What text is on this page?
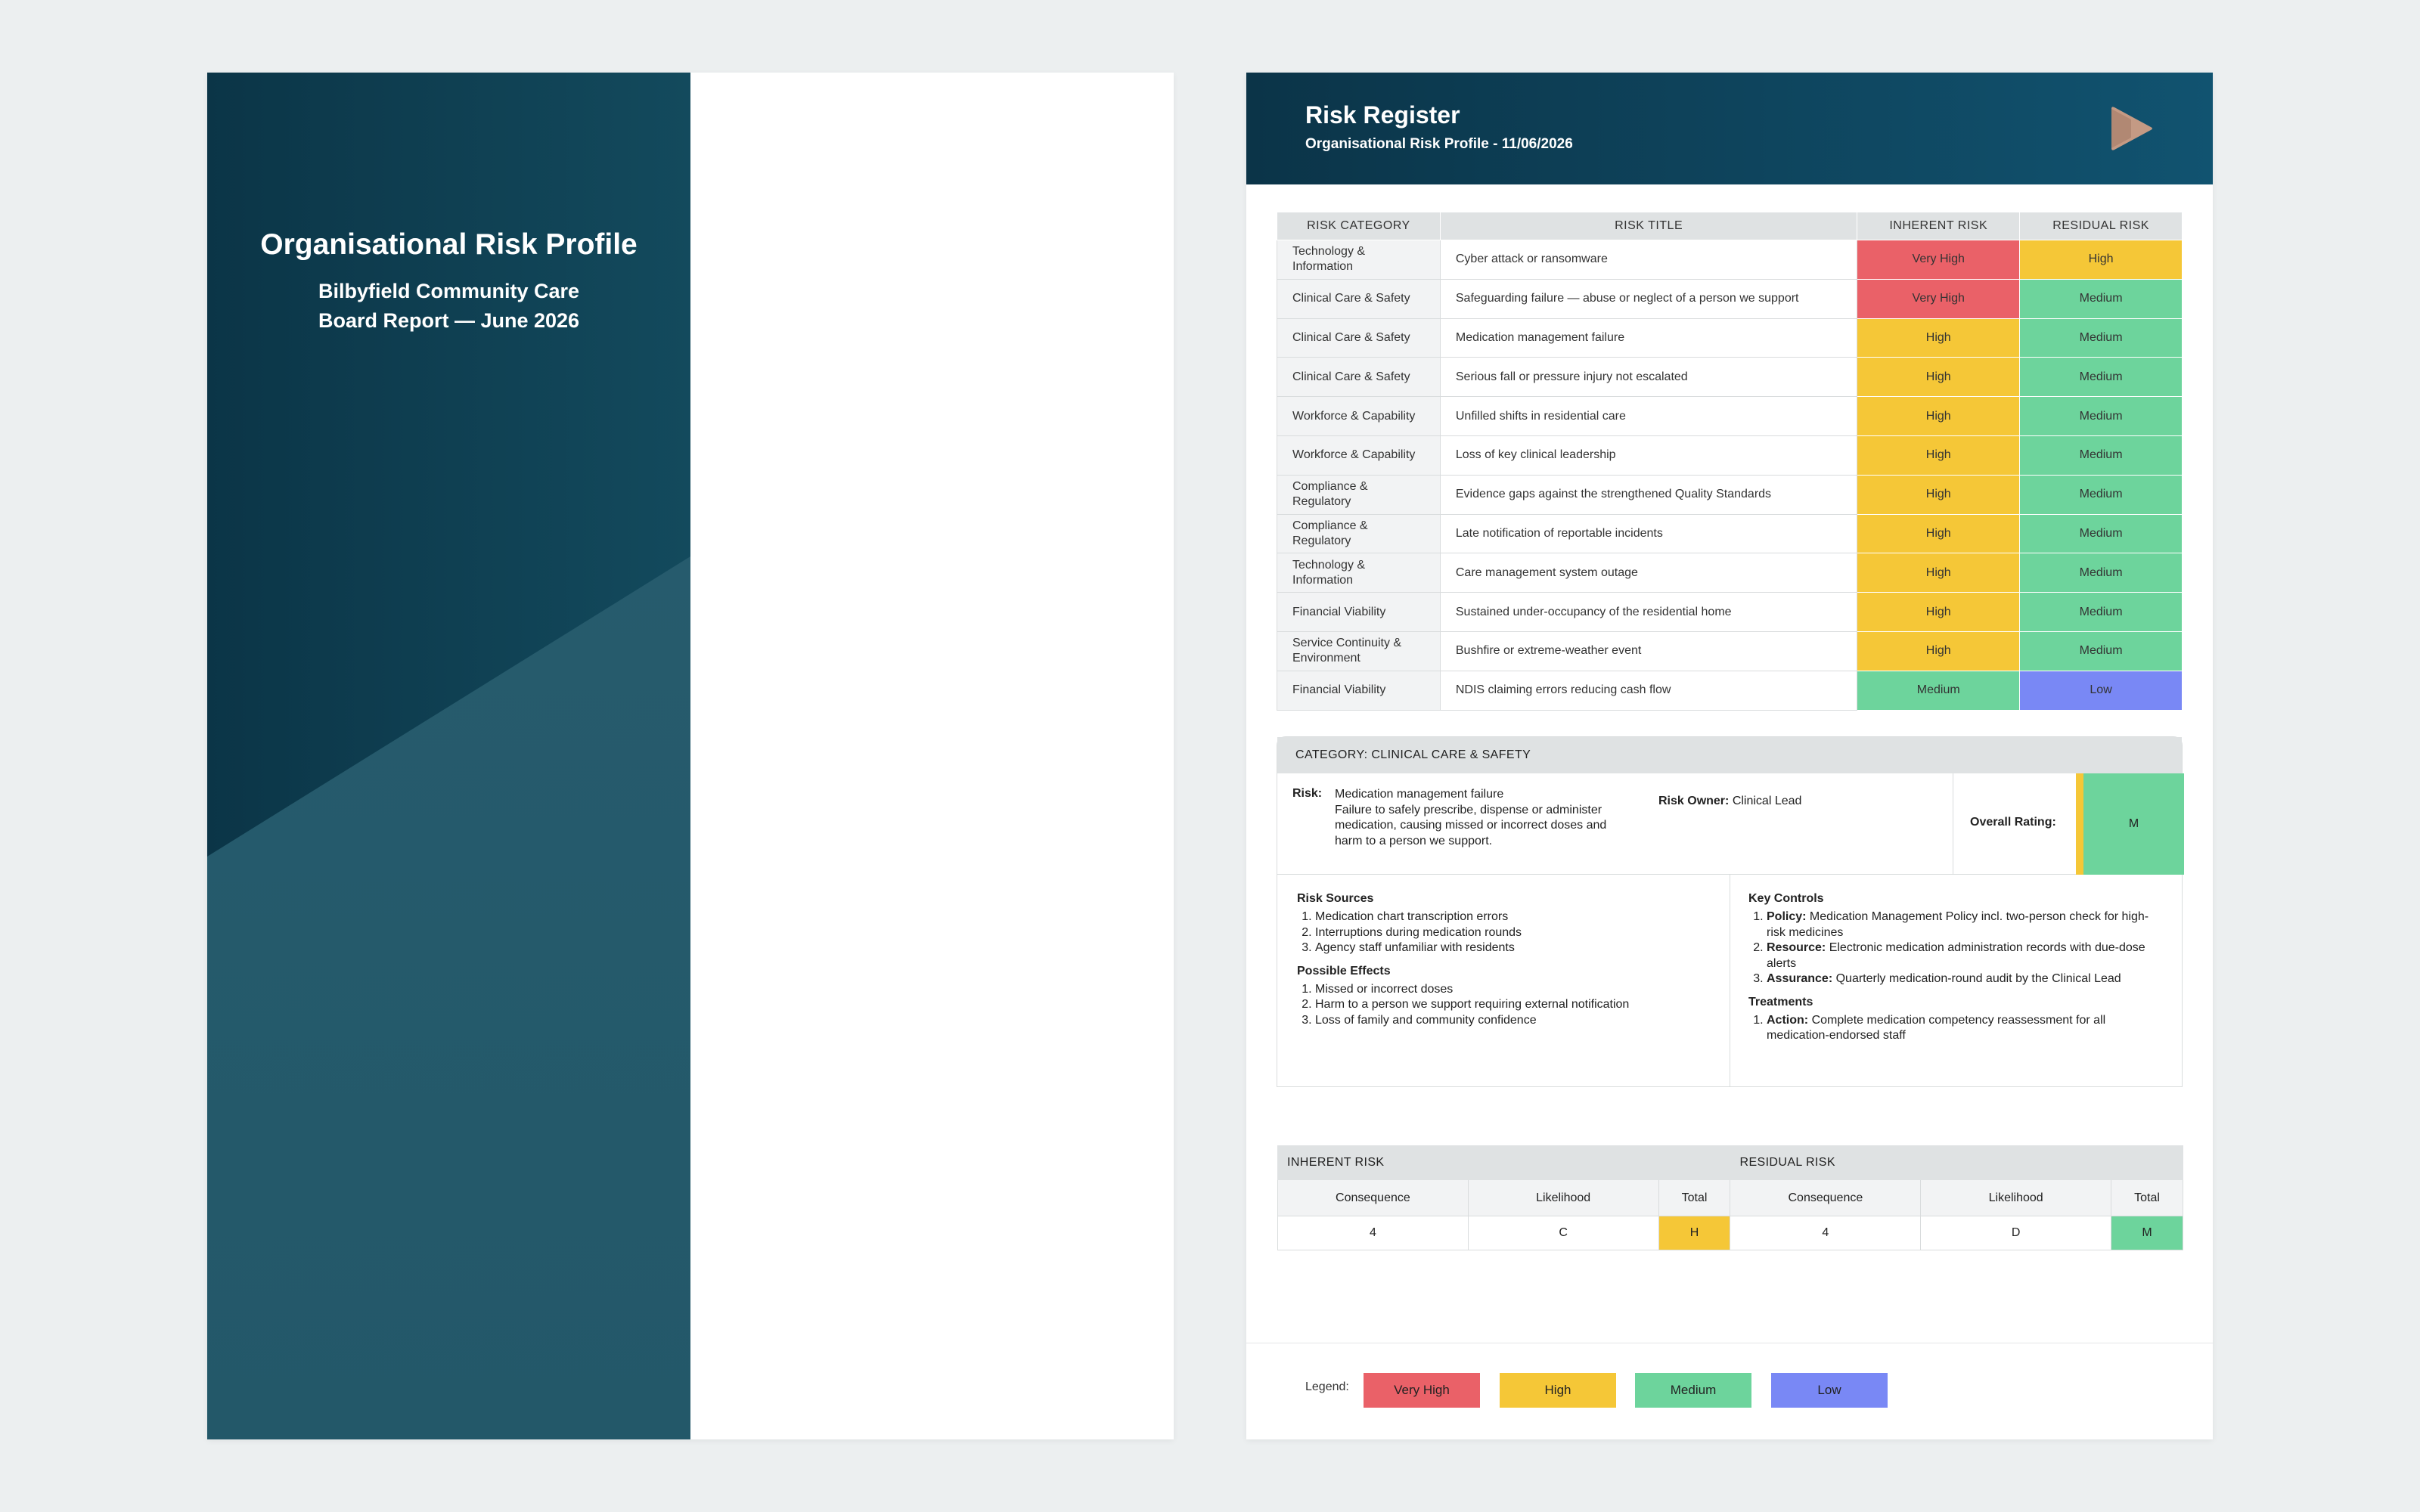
Organisational Risk Profile
Bilbyfield Community Care
Board Report — June 2026
Risk Register
Organisational Risk Profile - 11/06/2026
RISK CATEGORY	RISK TITLE	INHERENT RISK	RESIDUAL RISK
Technology & Information	Cyber attack or ransomware	Very High	High
Clinical Care & Safety	Safeguarding failure — abuse or neglect of a person we support	Very High	Medium
Clinical Care & Safety	Medication management failure	High	Medium
Clinical Care & Safety	Serious fall or pressure injury not escalated	High	Medium
Workforce & Capability	Unfilled shifts in residential care	High	Medium
Workforce & Capability	Loss of key clinical leadership	High	Medium
Compliance & Regulatory	Evidence gaps against the strengthened Quality Standards	High	Medium
Compliance & Regulatory	Late notification of reportable incidents	High	Medium
Technology & Information	Care management system outage	High	Medium
Financial Viability	Sustained under-occupancy of the residential home	High	Medium
Service Continuity & Environment	Bushfire or extreme-weather event	High	Medium
Financial Viability	NDIS claiming errors reducing cash flow	Medium	Low
CATEGORY: CLINICAL CARE & SAFETY
Risk: Medication management failure
Failure to safely prescribe, dispense or administer medication, causing missed or incorrect doses and harm to a person we support.
Risk Owner: Clinical Lead
Overall Rating:	M
Risk Sources
1. Medication chart transcription errors
2. Interruptions during medication rounds
3. Agency staff unfamiliar with residents
Possible Effects
1. Missed or incorrect doses
2. Harm to a person we support requiring external notification
3. Loss of family and community confidence
Key Controls
1. Policy: Medication Management Policy incl. two-person check for high-risk medicines
2. Resource: Electronic medication administration records with due-dose alerts
3. Assurance: Quarterly medication-round audit by the Clinical Lead
Treatments
1. Action: Complete medication competency reassessment for all medication-endorsed staff
INHERENT RISK			RESIDUAL RISK		
Consequence	Likelihood	Total	Consequence	Likelihood	Total
4	C	H	4	D	M
Legend:	Very High	High	Medium	Low
